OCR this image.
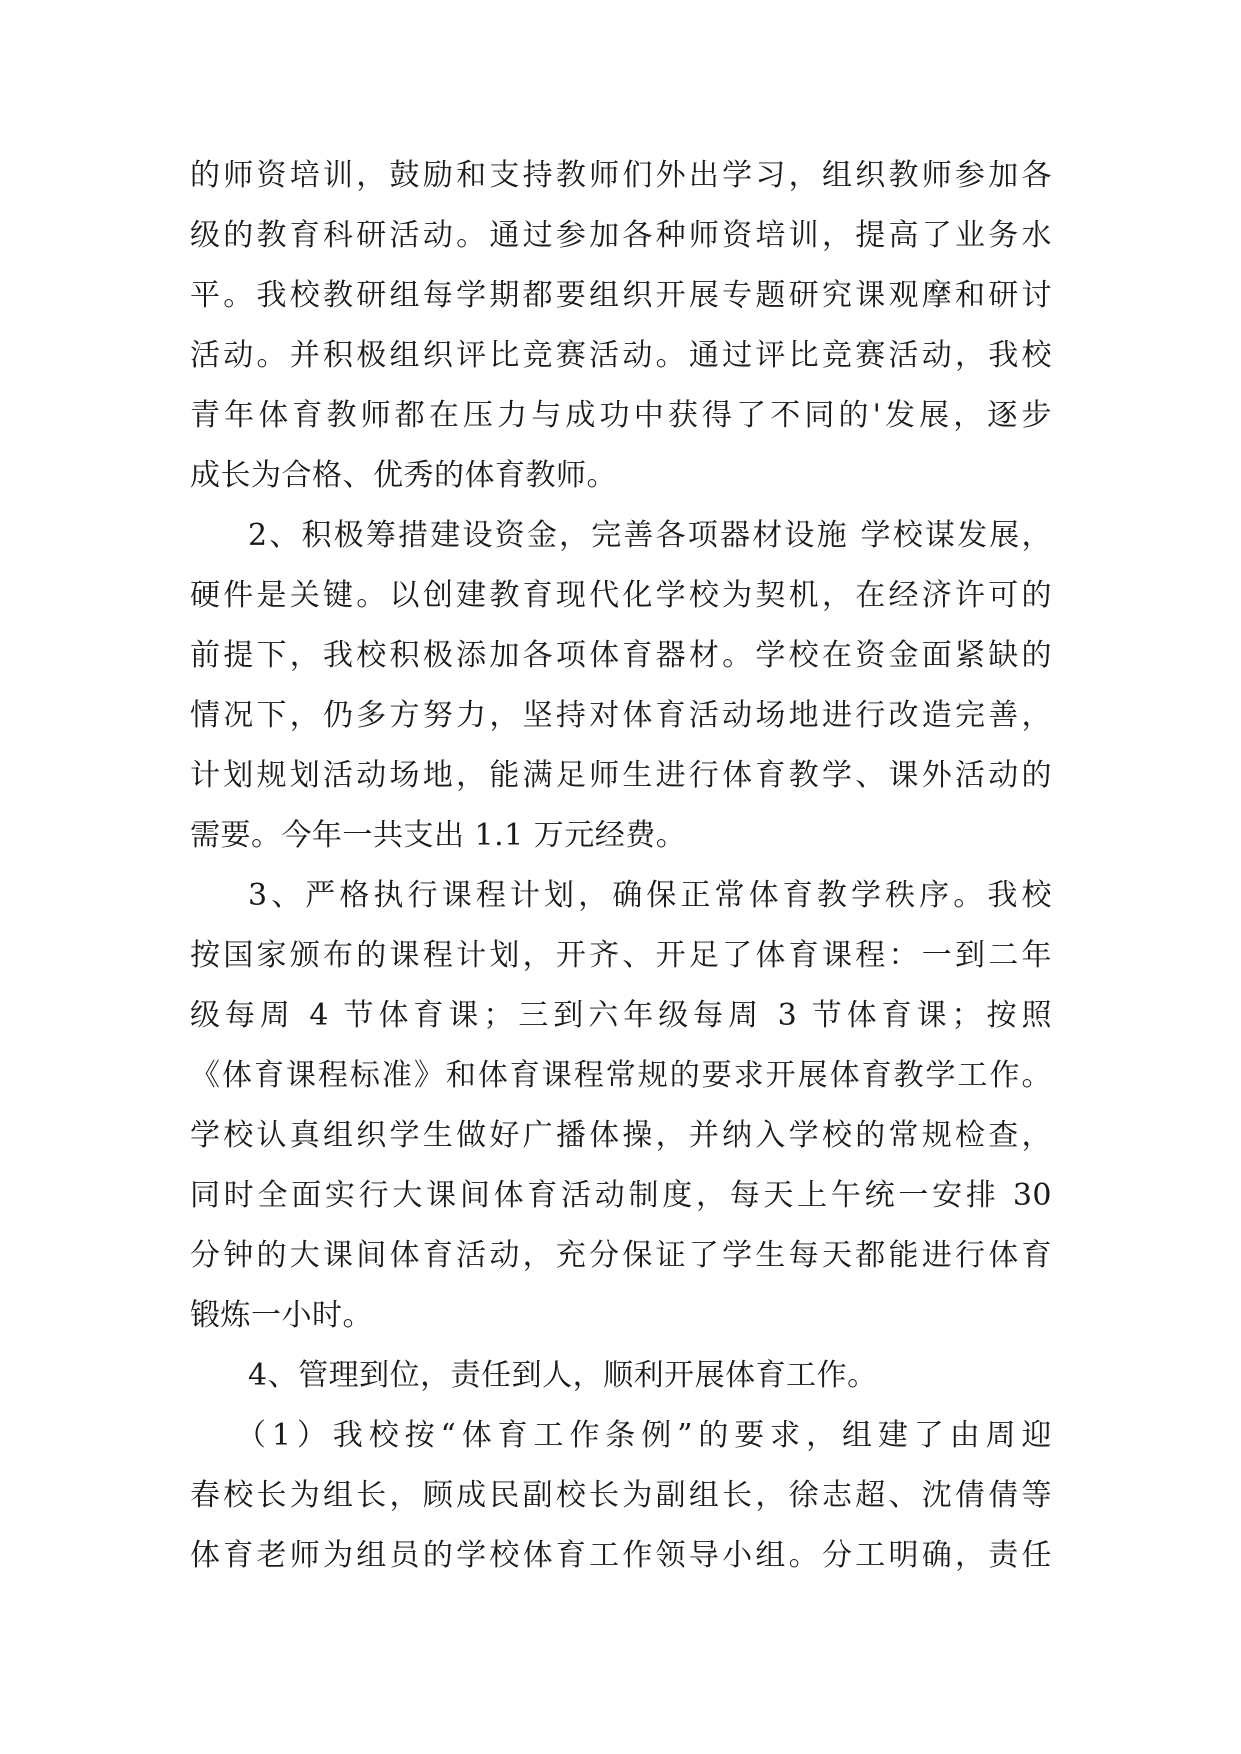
的师资培训，鼓励和支持教师们外出学习，组织教师参加各
级的教育科研活动。通过参加各种师资培训，提高了业务水
平。我校教研组每学期都要组织开展专题研究课观摩和研讨
活动。并积极组织评比竞赛活动。通过评比竞赛活动，我校
青年体育教师都在压力与成功中获得了不同的'发展，逐步
成长为合格、优秀的体育教师。
2、积极筹措建设资金，完善各项器材设施 学校谋发展，
硬件是关键。以创建教育现代化学校为契机，在经济许可的
前提下，我校积极添加各项体育器材。学校在资金面紧缺的
情况下，仍多方努力，坚持对体育活动场地进行改造完善，
计划规划活动场地，能满足师生进行体育教学、课外活动的
需要。今年一共支出 1.1 万元经费。
3、严格执行课程计划，确保正常体育教学秩序。我校
按国家颁布的课程计划，开齐、开足了体育课程：一到二年
级每周 4 节体育课；三到六年级每周 3 节体育课；按照
《体育课程标准》和体育课程常规的要求开展体育教学工作。
学校认真组织学生做好广播体操，并纳入学校的常规检查，
同时全面实行大课间体育活动制度，每天上午统一安排 30
分钟的大课间体育活动，充分保证了学生每天都能进行体育
锻炼一小时。
4、管理到位，责任到人，顺利开展体育工作。
（1）我校按“体育工作条例”的要求，组建了由周迎
春校长为组长，顾成民副校长为副组长，徐志超、沈倩倩等
体育老师为组员的学校体育工作领导小组。分工明确，责任
